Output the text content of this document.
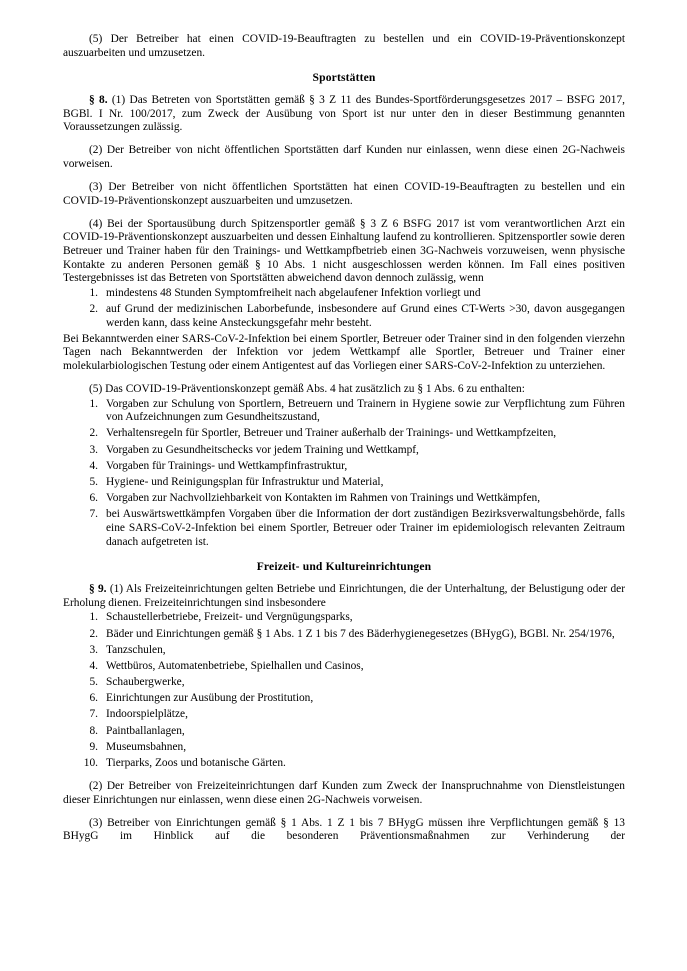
(5) Der Betreiber hat einen COVID-19-Beauftragten zu bestellen und ein COVID-19-Präventionskonzept auszuarbeiten und umzusetzen.

Sportstätten

§ 8. (1) Das Betreten von Sportstätten gemäß § 3 Z 11 des Bundes-Sportförderungsgesetzes 2017 – BSFG 2017, BGBl. I Nr. 100/2017, zum Zweck der Ausübung von Sport ist nur unter den in dieser Bestimmung genannten Voraussetzungen zulässig.

(2) Der Betreiber von nicht öffentlichen Sportstätten darf Kunden nur einlassen, wenn diese einen 2G-Nachweis vorweisen.

(3) Der Betreiber von nicht öffentlichen Sportstätten hat einen COVID-19-Beauftragten zu bestellen und ein COVID-19-Präventionskonzept auszuarbeiten und umzusetzen.

(4) Bei der Sportausübung durch Spitzensportler gemäß § 3 Z 6 BSFG 2017 ist vom verantwortlichen Arzt ein COVID-19-Präventionskonzept auszuarbeiten und dessen Einhaltung laufend zu kontrollieren. Spitzensportler sowie deren Betreuer und Trainer haben für den Trainings- und Wettkampfbetrieb einen 3G-Nachweis vorzuweisen, wenn physische Kontakte zu anderen Personen gemäß § 10 Abs. 1 nicht ausgeschlossen werden können. Im Fall eines positiven Testergebnisses ist das Betreten von Sportstätten abweichend davon dennoch zulässig, wenn

1. mindestens 48 Stunden Symptomfreiheit nach abgelaufener Infektion vorliegt und
2. auf Grund der medizinischen Laborbefunde, insbesondere auf Grund eines CT-Werts >30, davon ausgegangen werden kann, dass keine Ansteckungsgefahr mehr besteht.

Bei Bekanntwerden einer SARS-CoV-2-Infektion bei einem Sportler, Betreuer oder Trainer sind in den folgenden vierzehn Tagen nach Bekanntwerden der Infektion vor jedem Wettkampf alle Sportler, Betreuer und Trainer einer molekularbiologischen Testung oder einem Antigentest auf das Vorliegen einer SARS-CoV-2-Infektion zu unterziehen.

(5) Das COVID-19-Präventionskonzept gemäß Abs. 4 hat zusätzlich zu § 1 Abs. 6 zu enthalten:

1. Vorgaben zur Schulung von Sportlern, Betreuern und Trainern in Hygiene sowie zur Verpflichtung zum Führen von Aufzeichnungen zum Gesundheitszustand,
2. Verhaltensregeln für Sportler, Betreuer und Trainer außerhalb der Trainings- und Wettkampfzeiten,
3. Vorgaben zu Gesundheitschecks vor jedem Training und Wettkampf,
4. Vorgaben für Trainings- und Wettkampfinfrastruktur,
5. Hygiene- und Reinigungsplan für Infrastruktur und Material,
6. Vorgaben zur Nachvollziehbarkeit von Kontakten im Rahmen von Trainings und Wettkämpfen,
7. bei Auswärtswettkämpfen Vorgaben über die Information der dort zuständigen Bezirksverwaltungsbehörde, falls eine SARS-CoV-2-Infektion bei einem Sportler, Betreuer oder Trainer im epidemiologisch relevanten Zeitraum danach aufgetreten ist.
Freizeit- und Kultureinrichtungen

§ 9. (1) Als Freizeiteinrichtungen gelten Betriebe und Einrichtungen, die der Unterhaltung, der Belustigung oder der Erholung dienen. Freizeiteinrichtungen sind insbesondere

1. Schaustellerbetriebe, Freizeit- und Vergnügungsparks,
2. Bäder und Einrichtungen gemäß § 1 Abs. 1 Z 1 bis 7 des Bäderhygienegesetzes (BHygG), BGBl. Nr. 254/1976,
3. Tanzschulen,
4. Wettbüros, Automatenbetriebe, Spielhallen und Casinos,
5. Schaubergwerke,
6. Einrichtungen zur Ausübung der Prostitution,
7. Indoorspielplätze,
8. Paintballanlagen,
9. Museumsbahnen,
10. Tierparks, Zoos und botanische Gärten.

(2) Der Betreiber von Freizeiteinrichtungen darf Kunden zum Zweck der Inanspruchnahme von Dienstleistungen dieser Einrichtungen nur einlassen, wenn diese einen 2G-Nachweis vorweisen.

(3) Betreiber von Einrichtungen gemäß § 1 Abs. 1 Z 1 bis 7 BHygG müssen ihre Verpflichtungen gemäß § 13 BHygG im Hinblick auf die besonderen Präventionsmaßnahmen zur Verhinderung der
